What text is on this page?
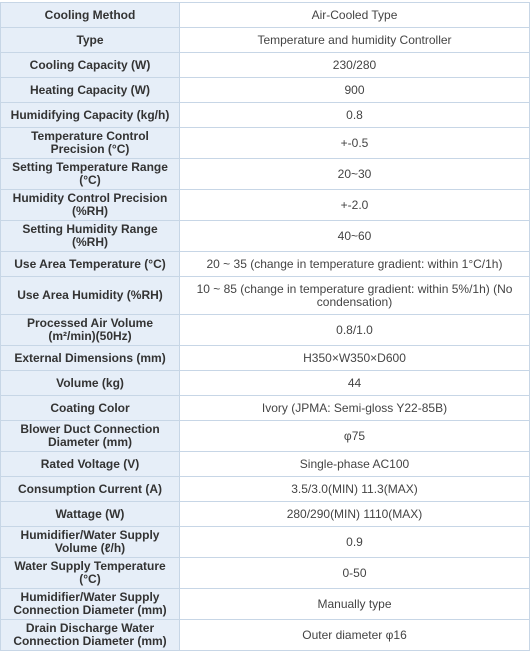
Cooling Method	Air-Cooled Type
Type	Temperature and humidity Controller
Cooling Capacity (W)	230/280
Heating Capacity (W)	900
Humidifying Capacity (kg/h)	0.8
Temperature Control Precision (°C)	+-0.5
Setting Temperature Range (°C)	20~30
Humidity Control Precision (%RH)	+-2.0
Setting Humidity Range (%RH)	40~60
Use Area Temperature (°C)	20 ~ 35 (change in temperature gradient: within 1°C/1h)
Use Area Humidity (%RH)	10 ~ 85 (change in temperature gradient: within 5%/1h) (No condensation)
Processed Air Volume (m²/min)(50Hz)	0.8/1.0
External Dimensions (mm)	H350×W350×D600
Volume (kg)	44
Coating Color	Ivory (JPMA: Semi-gloss Y22-85B)
Blower Duct Connection Diameter (mm)	φ75
Rated Voltage (V)	Single-phase AC100
Consumption Current (A)	3.5/3.0(MIN) 11.3(MAX)
Wattage (W)	280/290(MIN) 1110(MAX)
Humidifier/Water Supply Volume (ℓ/h)	0.9
Water Supply Temperature (°C)	0-50
Humidifier/Water Supply Connection Diameter (mm)	Manually type
Drain Discharge Water Connection Diameter (mm)	Outer diameter φ16
